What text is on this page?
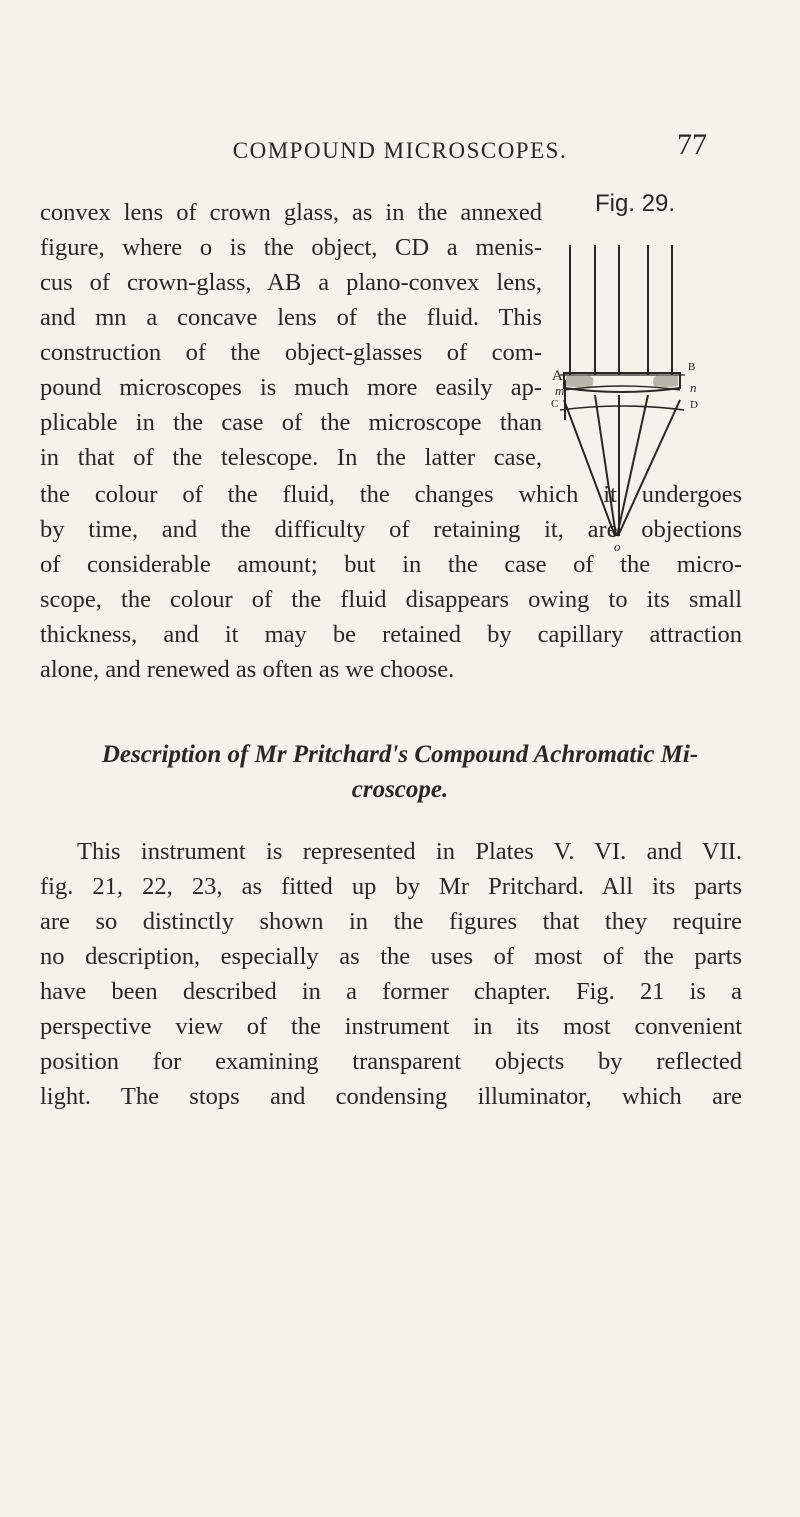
COMPOUND MICROSCOPES.	77
Fig. 29.
A
B
C	D
m	n
o
convex lens of crown glass, as in the annexed
figure, where o is the object, CD a menis-
cus of crown-glass, AB a plano-convex lens,
and mn a concave lens of the fluid. This
construction of the object-glasses of com-
pound microscopes is much more easily ap-
plicable in the case of the microscope than
in that of the telescope. In the latter case,
the colour of the fluid, the changes which it undergoes
by time, and the difficulty of retaining it, are objections
of considerable amount; but in the case of the micro-
scope, the colour of the fluid disappears owing to its small
thickness, and it may be retained by capillary attraction
alone, and renewed as often as we choose.
Description of Mr Pritchard's Compound Achromatic Mi-
croscope.
This instrument is represented in Plates V. VI. and VII.
fig. 21, 22, 23, as fitted up by Mr Pritchard. All its parts
are so distinctly shown in the figures that they require
no description, especially as the uses of most of the parts
have been described in a former chapter. Fig. 21 is a
perspective view of the instrument in its most convenient
position for examining transparent objects by reflected
light. The stops and condensing illuminator, which are
